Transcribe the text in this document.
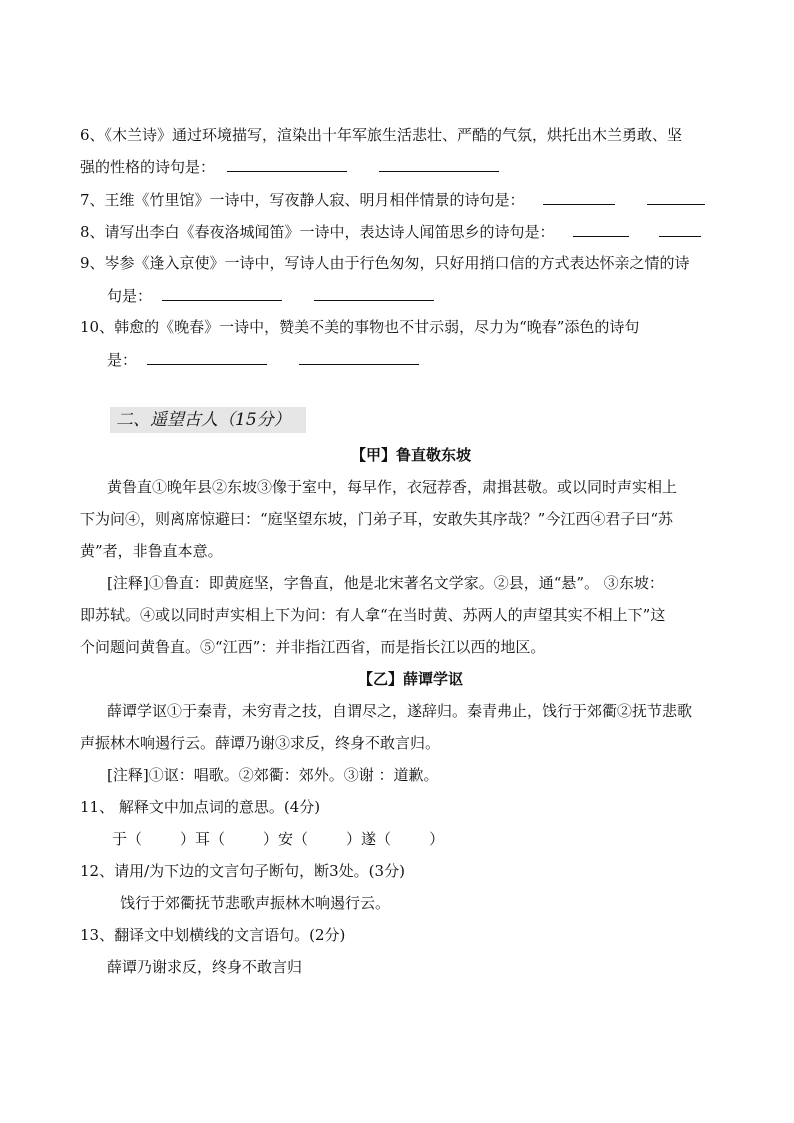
6、《木兰诗》通过环境描写，渲染出十年军旅生活悲壮、严酷的气氛，烘托出木兰勇敢、坚
强的性格的诗句是：
7、王维《竹里馆》一诗中，写夜静人寂、明月相伴情景的诗句是：
8、请写出李白《春夜洛城闻笛》一诗中，表达诗人闻笛思乡的诗句是：
9、岑参《逢入京使》一诗中，写诗人由于行色匆匆，只好用捎口信的方式表达怀亲之情的诗
句是：
10、韩愈的《晚春》一诗中，赞美不美的事物也不甘示弱，尽力为“晚春”添色的诗句
是：
二、遥望古人（15分）
【甲】鲁直敬东坡
黄鲁直①晚年县②东坡③像于室中，每早作，衣冠荐香，肃揖甚敬。或以同时声实相上
下为问④，则离席惊避曰：“庭坚望东坡，门弟子耳，安敢失其序哉？”今江西④君子曰“苏
黄”者，非鲁直本意。
[注释]①鲁直：即黄庭坚，字鲁直，他是北宋著名文学家。②县，通“悬”。 ③东坡：
即苏轼。④或以同时声实相上下为问：有人拿“在当时黄、苏两人的声望其实不相上下”这
个问题问黄鲁直。⑤“江西”：并非指江西省，而是指长江以西的地区。
【乙】薛谭学讴
薛谭学讴①于秦青，未穷青之技，自谓尽之，遂辞归。秦青弗止，饯行于郊衢②抚节悲歌
声振林木响遏行云。薛谭乃谢③求反，终身不敢言归。
[注释]①讴：唱歌。②郊衢：郊外。③谢 ：道歉。
11、 解释文中加点词的意思。(4分)
于（	）耳（	）安（	）遂（	）
12、请用/为下边的文言句子断句，断3处。(3分)
饯行于郊衢抚节悲歌声振林木响遏行云。
13、翻译文中划横线的文言语句。(2分)
薛谭乃谢求反，终身不敢言归
